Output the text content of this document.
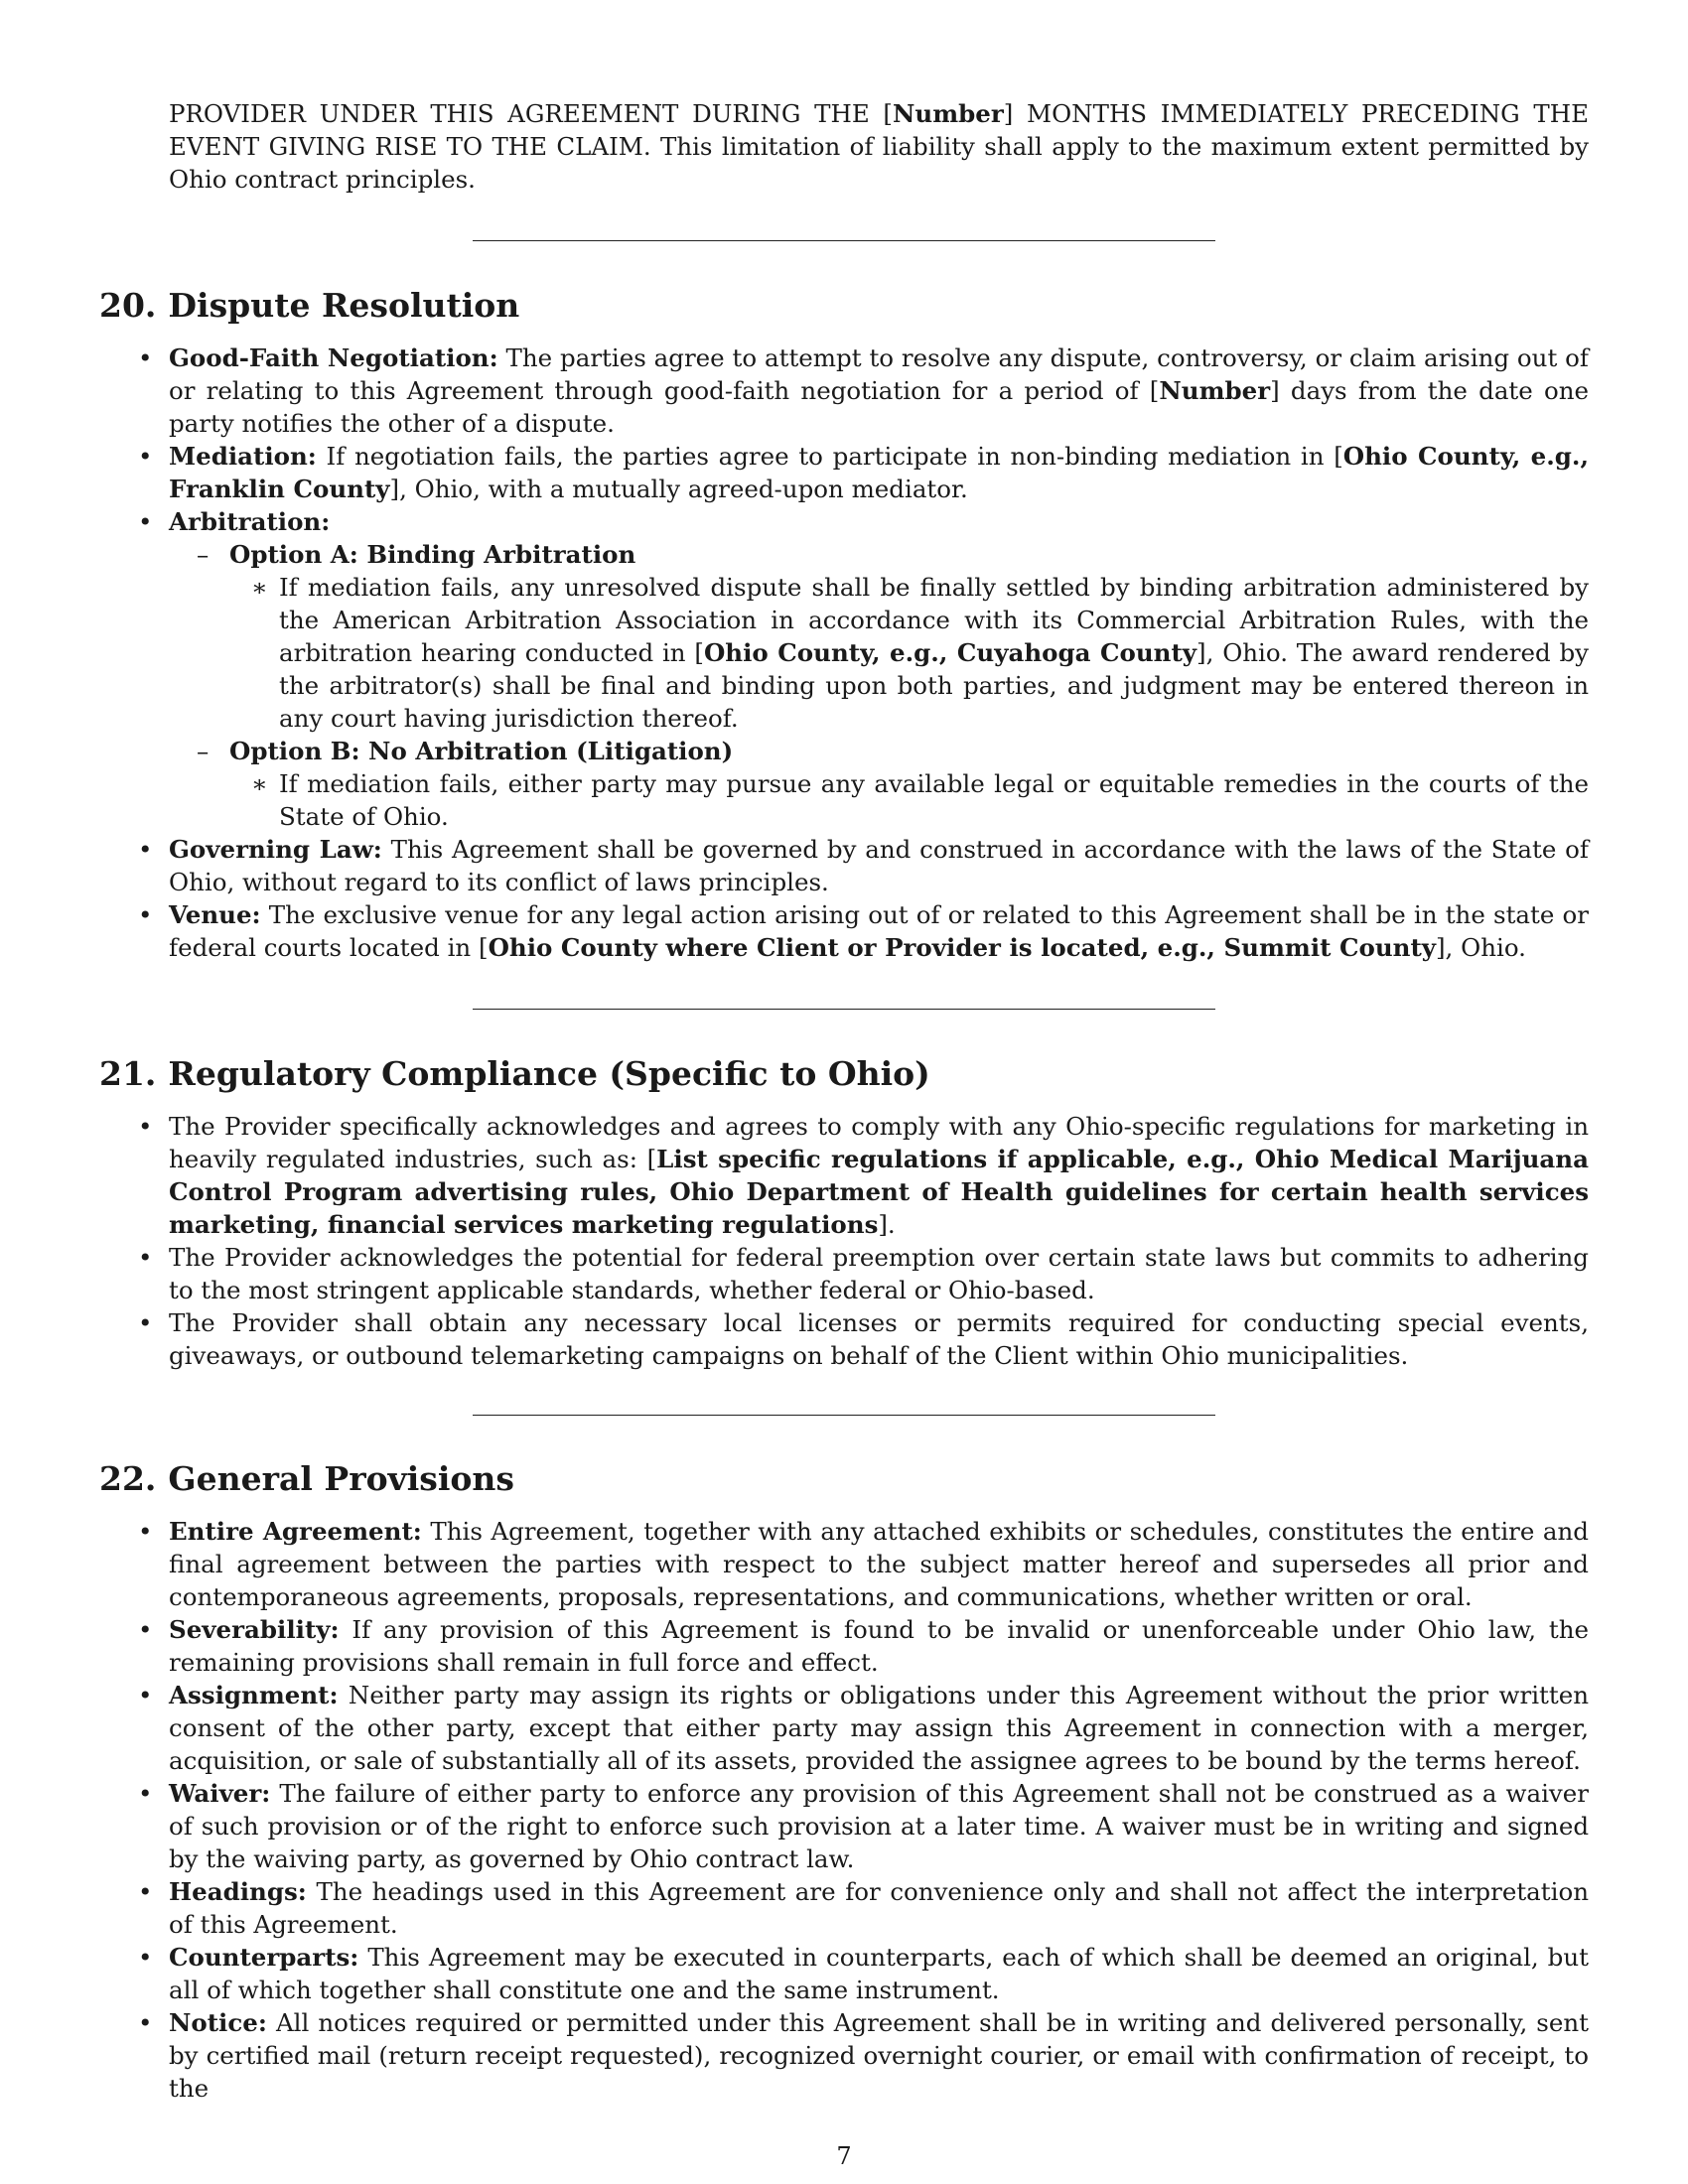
PROVIDER UNDER THIS AGREEMENT DURING THE [Number] MONTHS IMMEDIATELY PRECEDING THE EVENT GIVING RISE TO THE CLAIM. This limitation of liability shall apply to the maximum extent permitted by Ohio contract principles.

20. Dispute Resolution
• Good-Faith Negotiation: The parties agree to attempt to resolve any dispute, controversy, or claim arising out of or relating to this Agreement through good-faith negotiation for a period of [Number] days from the date one party notifies the other of a dispute.
• Mediation: If negotiation fails, the parties agree to participate in non-binding mediation in [Ohio County, e.g., Franklin County], Ohio, with a mutually agreed-upon mediator.
• Arbitration:
– Option A: Binding Arbitration
∗ If mediation fails, any unresolved dispute shall be finally settled by binding arbitration administered by the American Arbitration Association in accordance with its Commercial Arbitration Rules, with the arbitration hearing conducted in [Ohio County, e.g., Cuyahoga County], Ohio. The award rendered by the arbitrator(s) shall be final and binding upon both parties, and judgment may be entered thereon in any court having jurisdiction thereof.
– Option B: No Arbitration (Litigation)
∗ If mediation fails, either party may pursue any available legal or equitable remedies in the courts of the State of Ohio.
• Governing Law: This Agreement shall be governed by and construed in accordance with the laws of the State of Ohio, without regard to its conflict of laws principles.
• Venue: The exclusive venue for any legal action arising out of or related to this Agreement shall be in the state or federal courts located in [Ohio County where Client or Provider is located, e.g., Summit County], Ohio.
21. Regulatory Compliance (Specific to Ohio)
• The Provider specifically acknowledges and agrees to comply with any Ohio-specific regulations for marketing in heavily regulated industries, such as: [List specific regulations if applicable, e.g., Ohio Medical Marijuana Control Program advertising rules, Ohio Department of Health guidelines for certain health services marketing, financial services marketing regulations].
• The Provider acknowledges the potential for federal preemption over certain state laws but commits to adhering to the most stringent applicable standards, whether federal or Ohio-based.
• The Provider shall obtain any necessary local licenses or permits required for conducting special events, giveaways, or outbound telemarketing campaigns on behalf of the Client within Ohio municipalities.
22. General Provisions
• Entire Agreement: This Agreement, together with any attached exhibits or schedules, constitutes the entire and final agreement between the parties with respect to the subject matter hereof and supersedes all prior and contemporaneous agreements, proposals, representations, and communications, whether written or oral.
• Severability: If any provision of this Agreement is found to be invalid or unenforceable under Ohio law, the remaining provisions shall remain in full force and effect.
• Assignment: Neither party may assign its rights or obligations under this Agreement without the prior written consent of the other party, except that either party may assign this Agreement in connection with a merger, acquisition, or sale of substantially all of its assets, provided the assignee agrees to be bound by the terms hereof.
• Waiver: The failure of either party to enforce any provision of this Agreement shall not be construed as a waiver of such provision or of the right to enforce such provision at a later time. A waiver must be in writing and signed by the waiving party, as governed by Ohio contract law.
• Headings: The headings used in this Agreement are for convenience only and shall not affect the interpretation of this Agreement.
• Counterparts: This Agreement may be executed in counterparts, each of which shall be deemed an original, but all of which together shall constitute one and the same instrument.
• Notice: All notices required or permitted under this Agreement shall be in writing and delivered personally, sent by certified mail (return receipt requested), recognized overnight courier, or email with confirmation of receipt, to the
7
